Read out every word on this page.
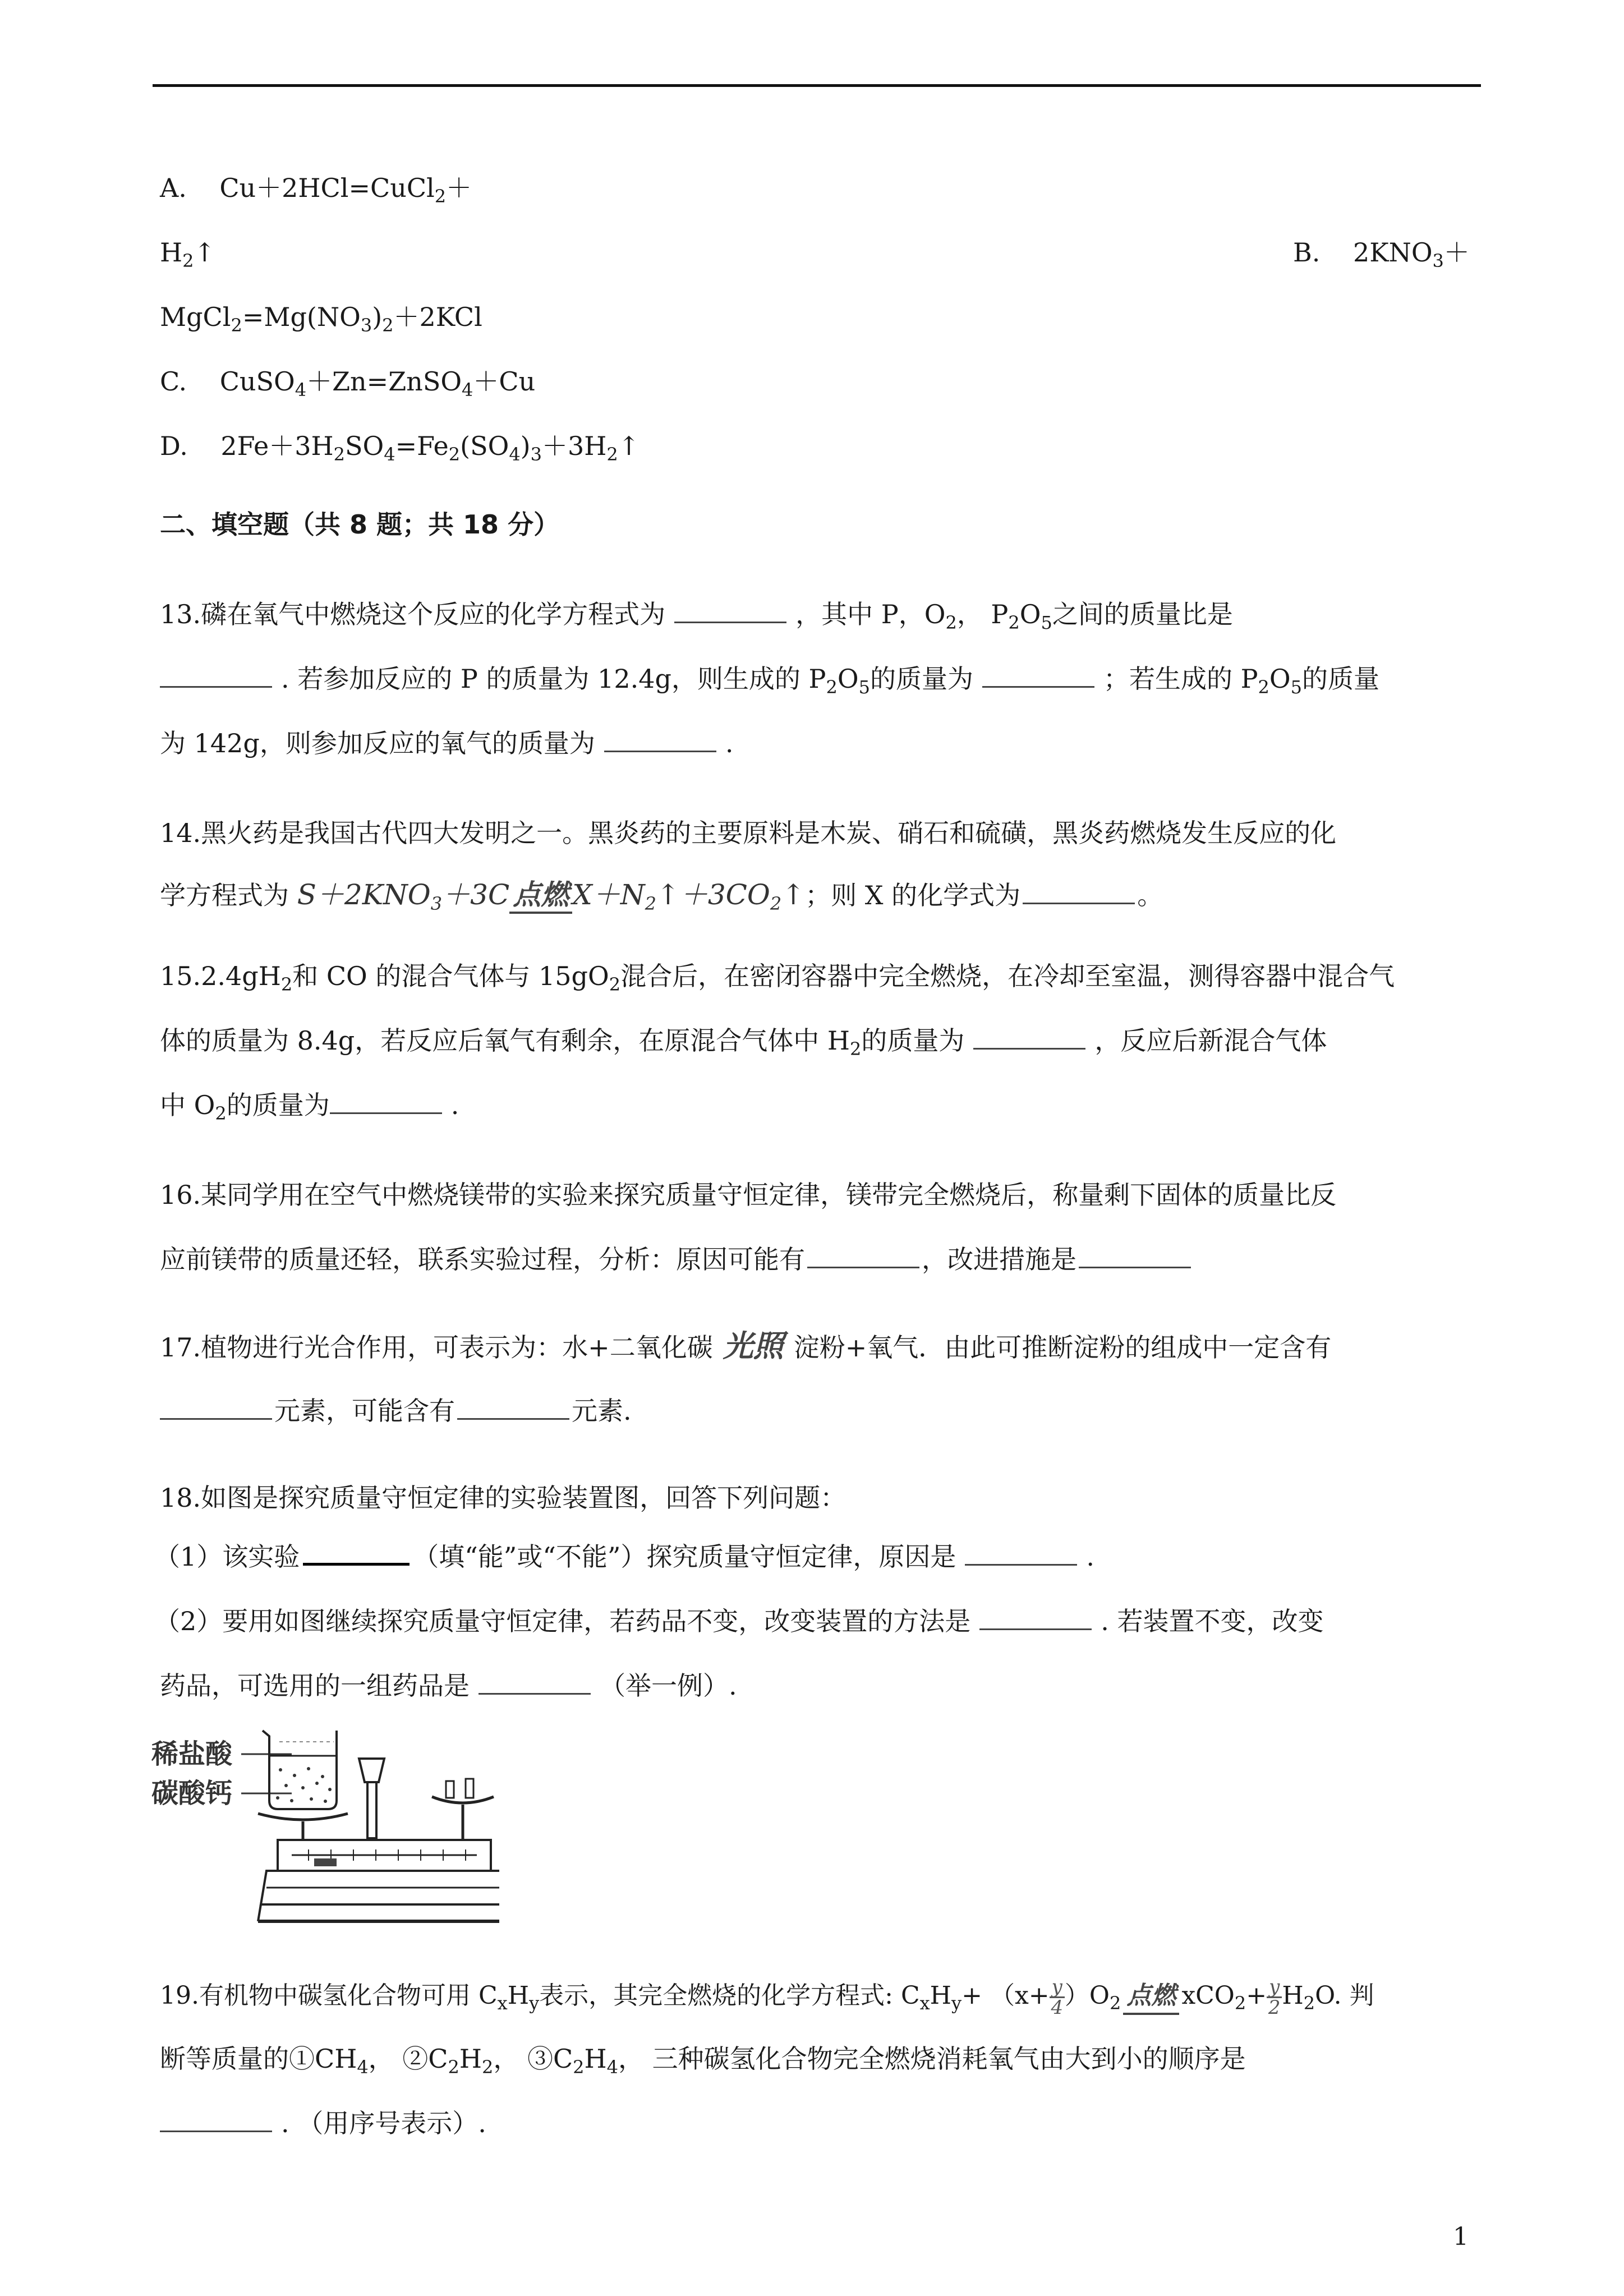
A. Cu＋2HCl=CuCl$_2$＋
$H_2↑$	B. $2KNO_3+$
$MgCl_2=Mg(NO_3)_2+2KCl$
C. CuSO$_4$＋Zn=ZnSO$_4$＋Cu
D. $2Fe+3H_2SO_4=Fe_2(SO_4)_3+3H_2↑$
二、填空题（共 8 题；共 18 分）
13.磷在氧气中燃烧这个反应的化学方程式为	，其中 P，$O_2$， $P_2O_5$之间的质量比是
. 若参加反应的 P 的质量为 12.4g，则生成的 $P_2O_5$的质量为	；若生成的 $P_2O_5$的质量
为 142g，则参加反应的氧气的质量为	.
14.黑火药是我国古代四大发明之一。黑炎药的主要原料是木炭、硝石和硫磺，黑炎药燃烧发生反应的化
学方程式为 $S+2KNO_3+3C$ 点燃 $X+N_2↑+3CO_2↑$；则 X 的化学式为	。
$15.2.4gH_2$和 CO 的混合气体与 $15gO_2$混合后，在密闭容器中完全燃烧，在冷却至室温，测得容器中混合气
体的质量为 8.4g，若反应后氧气有剩余，在原混合气体中 $H_2$的质量为	，反应后新混合气体
中 $O_2$的质量为	.
16.某同学用在空气中燃烧镁带的实验来探究质量守恒定律，镁带完全燃烧后，称量剩下固体的质量比反
应前镁带的质量还轻，联系实验过程，分析：原因可能有	，改进措施是
17.植物进行光合作用，可表示为：水+二氧化碳 光照 淀粉+氧气．由此可推断淀粉的组成中一定含有
元素，可能含有	元素.
18.如图是探究质量守恒定律的实验装置图，回答下列问题：
（1）该实验	（填“能”或“不能”）探究质量守恒定律，原因是	.
（2）要用如图继续探究质量守恒定律，若药品不变，改变装置的方法是	. 若装置不变，改变
药品，可选用的一组药品是	（举一例）.
稀盐酸
碳酸钙
19.有机物中碳氢化合物可用 $C_xH_y$表示，其完全燃烧的化学方程式: $C_xH_y+ (x+ \frac{y}{4} )O_2$ 点燃 $xCO_2+ \frac{y}{2} H_2O$. 判
断等质量的$①CH_4$， $②C_2H_2$， $③C_2H_4$， 三种碳氢化合物完全燃烧消耗氧气由大到小的顺序是
. （用序号表示）.
1
